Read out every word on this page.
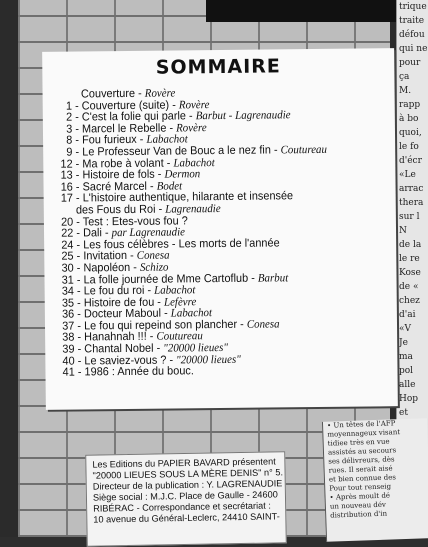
trique
traite
défou
qui ne
pour
ça
M.
rapp
à bo
quoi,
le fo
d'écr
«Le
arrac
thera
sur l
N
de la
le re
Kose
de «
chez
d'ai
«V
Je
ma
pol
alle
Hop
et
SOMMAIRE
Couverture - Rovère
1 - Couverture (suite) - Rovère
2 - C'est la folie qui parle - Barbut - Lagrenaudie
3 - Marcel le Rebelle - Rovère
8 - Fou furieux - Labachot
9 - Le Professeur Van de Bouc a le nez fin - Coutureau
12 - Ma robe à volant - Labachot
13 - Histoire de fols - Dermon
16 - Sacré Marcel - Bodet
17 - L'histoire authentique, hilarante et insensée
des Fous du Roi - Lagrenaudie
20 - Test : Etes-vous fou ?
22 - Dali - par Lagrenaudie
24 - Les fous célèbres - Les morts de l'année
25 - Invitation - Conesa
30 - Napoléon - Schizo
31 - La folle journée de Mme Cartoflub - Barbut
34 - Le fou du roi - Labachot
35 - Histoire de fou - Lefèvre
36 - Docteur Maboul - Labachot
37 - Le fou qui repeind son plancher - Conesa
38 - Hanahnah !!! - Coutureau
39 - Chantal Nobel - "20000 lieues"
40 - Le saviez-vous ? - "20000 lieues"
41 - 1986 : Année du bouc.
• Un têtes de l'AFP
moyennageux visant
tidiee très en vue
assistés au secours
ses délivreurs, dès
rues. Il serait aisé
et bien connue des
Pour tout renseig
• Après moult dé
un nouveau dév
distribution d'in

Les Editions du PAPIER BAVARD présentent

"20000 LIEUES SOUS LA MÈRE DENIS" n° 5.

Directeur de la publication : Y. LAGRENAUDIE

Siège social : M.J.C. Place de Gaulle - 24600

RIBÉRAC - Correspondance et secrétariat :

10 avenue du Général-Leclerc, 24410 SAINT-
